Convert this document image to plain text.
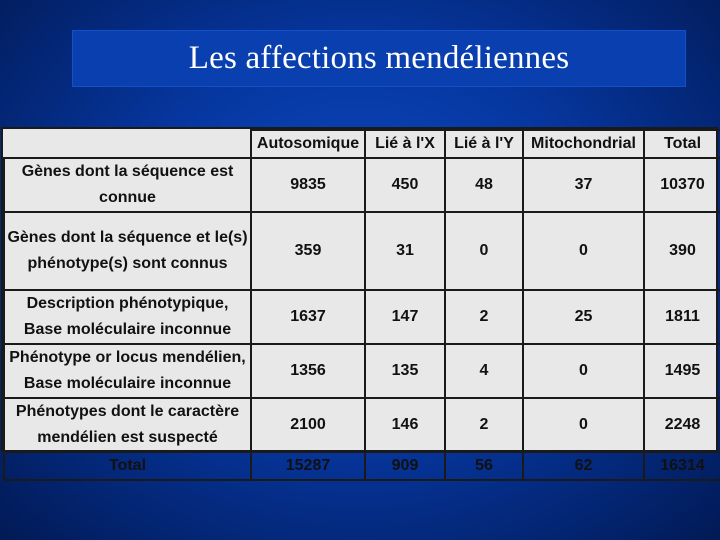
Les affections mendéliennes
	Autosomique	Lié à l'X	Lié à l'Y	Mitochondrial	Total
Gènes dont la séquence est connue	9835	450	48	37	10370
Gènes dont la séquence et le(s) phénotype(s) sont connus	359	31	0	0	390
Description phénotypique, Base moléculaire inconnue	1637	147	2	25	1811
Phénotype or locus mendélien, Base moléculaire inconnue	1356	135	4	0	1495
Phénotypes dont le caractère mendélien est suspecté	2100	146	2	0	2248
Total	15287	909	56	62	16314
